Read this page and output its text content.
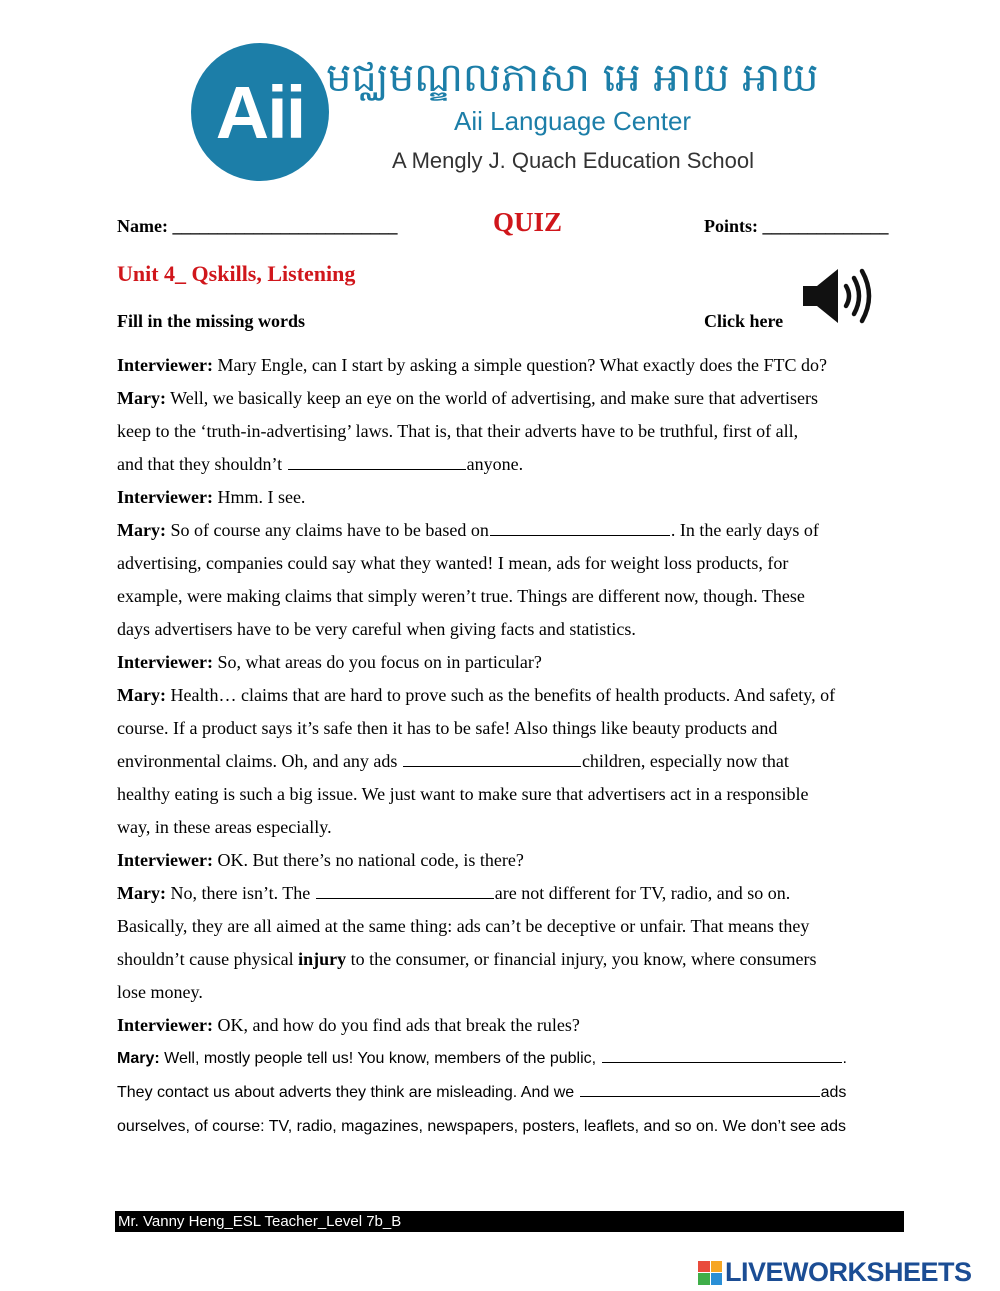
Aii មជ្ឈមណ្ឌលភាសា អេ អាយ អាយ
Aii Language Center
A Mengly J. Quach Education School
Name: _________________________	QUIZ	Points: ______________
Unit 4_ Qskills, Listening
Fill in the missing words	Click here
Interviewer: Mary Engle, can I start by asking a simple question? What exactly does the FTC do?
Mary: Well, we basically keep an eye on the world of advertising, and make sure that advertisers
keep to the ‘truth-in-advertising’ laws. That is, that their adverts have to be truthful, first of all,
and that they shouldn’t	anyone.
Interviewer: Hmm. I see.
Mary: So of course any claims have to be based on	. In the early days of
advertising, companies could say what they wanted! I mean, ads for weight loss products, for
example, were making claims that simply weren’t true. Things are different now, though. These
days advertisers have to be very careful when giving facts and statistics.
Interviewer: So, what areas do you focus on in particular?
Mary: Health… claims that are hard to prove such as the benefits of health products. And safety, of
course. If a product says it’s safe then it has to be safe! Also things like beauty products and
environmental claims. Oh, and any ads	children, especially now that
healthy eating is such a big issue. We just want to make sure that advertisers act in a responsible
way, in these areas especially.
Interviewer: OK. But there’s no national code, is there?
Mary: No, there isn’t. The	are not different for TV, radio, and so on.
Basically, they are all aimed at the same thing: ads can’t be deceptive or unfair. That means they
shouldn’t cause physical injury to the consumer, or financial injury, you know, where consumers
lose money.
Interviewer: OK, and how do you find ads that break the rules?
Mary: Well, mostly people tell us! You know, members of the public,	.
They contact us about adverts they think are misleading. And we	ads
ourselves, of course: TV, radio, magazines, newspapers, posters, leaflets, and so on. We don’t see ads
Mr. Vanny Heng_ESL Teacher_Level 7b_B
LIVEWORKSHEETS
